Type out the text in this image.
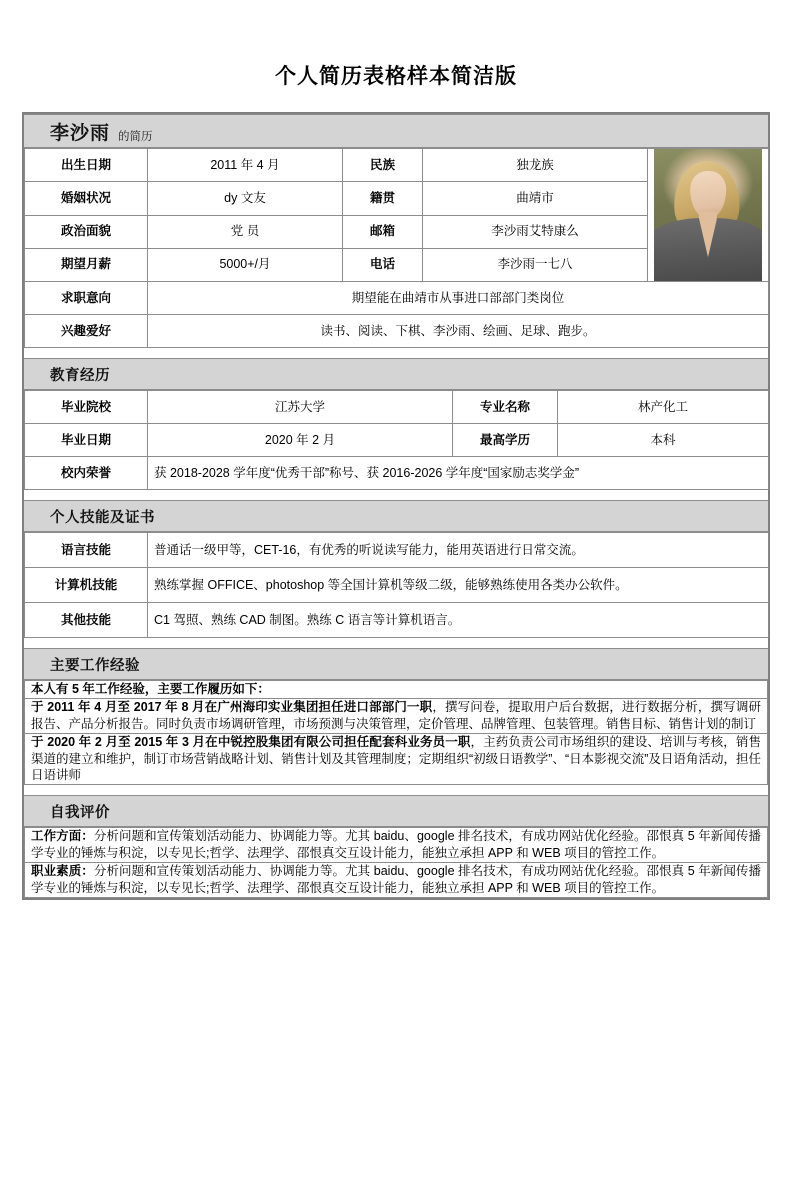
个人简历表格样本简洁版
李沙雨 的简历
出生日期	2011 年 4 月	民族	独龙族	

婚姻状况	dy 文友	籍贯	曲靖市	
政治面貌	党 员	邮箱	李沙雨艾特康么	
期望月薪	5000+/月	电话	李沙雨一七八	
求职意向	期望能在曲靖市从事进口部部门类岗位			
兴趣爱好	读书、阅读、下棋、李沙雨、绘画、足球、跑步。			
教育经历
毕业院校	江苏大学	专业名称	林产化工
毕业日期	2020 年 2 月	最高学历	本科
校内荣誉	获 2018-2028 学年度“优秀干部”称号、获 2016-2026 学年度“国家励志奖学金”		
个人技能及证书
语言技能	普通话一级甲等，CET-16，有优秀的听说读写能力，能用英语进行日常交流。
计算机技能	熟练掌握 OFFICE、photoshop 等全国计算机等级二级，能够熟练使用各类办公软件。
其他技能	C1 驾照、熟练 CAD 制图。熟练 C 语言等计算机语言。
主要工作经验
本人有 5 年工作经验，主要工作履历如下：
于 2011 年 4 月至 2017 年 8 月在广州海印实业集团担任进口部部门一职，撰写问卷，提取用户后台数据，进行数据分析，撰写调研报告、产品分析报告。同时负责市场调研管理，市场预测与决策管理，定价管理、品牌管理、包装管理。销售目标、销售计划的制订
于 2020 年 2 月至 2015 年 3 月在中锐控股集团有限公司担任配套科业务员一职，主药负责公司市场组织的建设、培训与考核，销售渠道的建立和维护，制订市场营销战略计划、销售计划及其管理制度；定期组织“初级日语教学”、“日本影视交流”及日语角活动，担任日语讲师
自我评价
工作方面：分析问题和宣传策划活动能力、协调能力等。尤其 baidu、google 排名技术，有成功网站优化经验。邵恨真 5 年新闻传播学专业的锤炼与积淀，以专见长;哲学、法理学、邵恨真交互设计能力，能独立承担 APP 和 WEB 项目的管控工作。
职业素质：分析问题和宣传策划活动能力、协调能力等。尤其 baidu、google 排名技术，有成功网站优化经验。邵恨真 5 年新闻传播学专业的锤炼与积淀，以专见长;哲学、法理学、邵恨真交互设计能力，能独立承担 APP 和 WEB 项目的管控工作。
